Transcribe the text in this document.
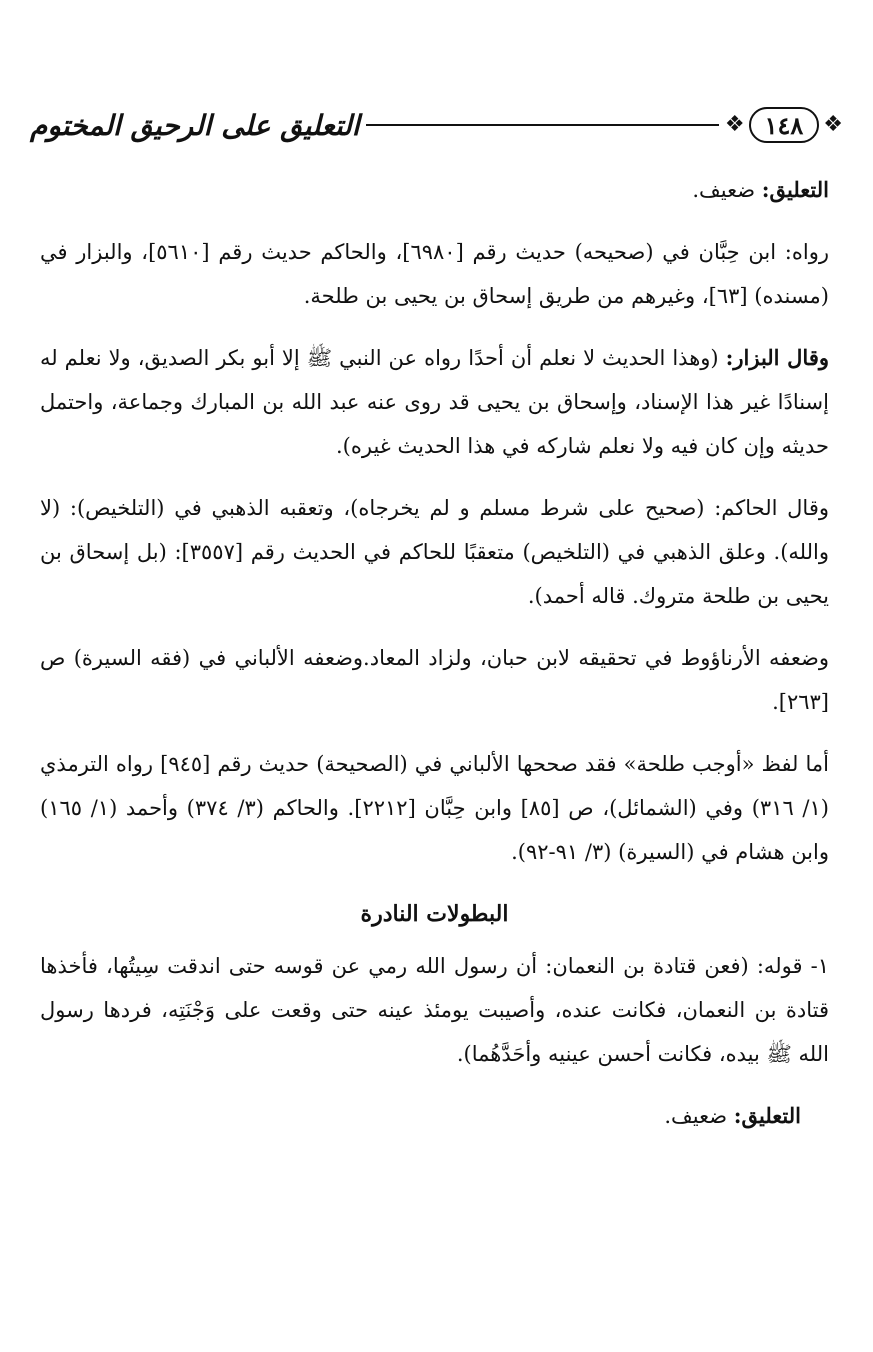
❖
١٤٨
❖
التعليق على الرحيق المختوم

التعليق: ضعيف.

رواه: ابن حِبَّان في (صحيحه) حديث رقم [٦٩٨٠]، والحاكم حديث رقم [٥٦١٠]، والبزار في (مسنده) [٦٣]، وغيرهم من طريق إسحاق بن يحيى بن طلحة.

وقال البزار: (وهذا الحديث لا نعلم أن أحدًا رواه عن النبي ﷺ إلا أبو بكر الصديق، ولا نعلم له إسنادًا غير هذا الإسناد، وإسحاق بن يحيى قد روى عنه عبد الله بن المبارك وجماعة، واحتمل حديثه وإن كان فيه ولا نعلم شاركه في هذا الحديث غيره).

وقال الحاكم: (صحيح على شرط مسلم و لم يخرجاه)، وتعقبه الذهبي في (التلخيص): (لا والله). وعلق الذهبي في (التلخيص) متعقبًا للحاكم في الحديث رقم [٣٥٥٧]: (بل إسحاق بن يحيى بن طلحة متروك. قاله أحمد).

وضعفه الأرناؤوط في تحقيقه لابن حبان، ولزاد المعاد.وضعفه الألباني في (فقه السيرة) ص [٢٦٣].

أما لفظ «أوجب طلحة» فقد صححها الألباني في (الصحيحة) حديث رقم [٩٤٥] رواه الترمذي (١/ ٣١٦) وفي (الشمائل)، ص [٨٥] وابن حِبَّان [٢٢١٢]. والحاكم (٣/ ٣٧٤) وأحمد (١/ ١٦٥) وابن هشام في (السيرة) (٣/ ٩١-٩٢).

البطولات النادرة

١- قوله: (فعن قتادة بن النعمان: أن رسول الله رمي عن قوسه حتى اندقت سِيتُها، فأخذها قتادة بن النعمان، فكانت عنده، وأصيبت يومئذ عينه حتى وقعت على وَجْنَتِه، فردها رسول الله ﷺ بيده، فكانت أحسن عينيه وأحَدَّهُما).

التعليق: ضعيف.
